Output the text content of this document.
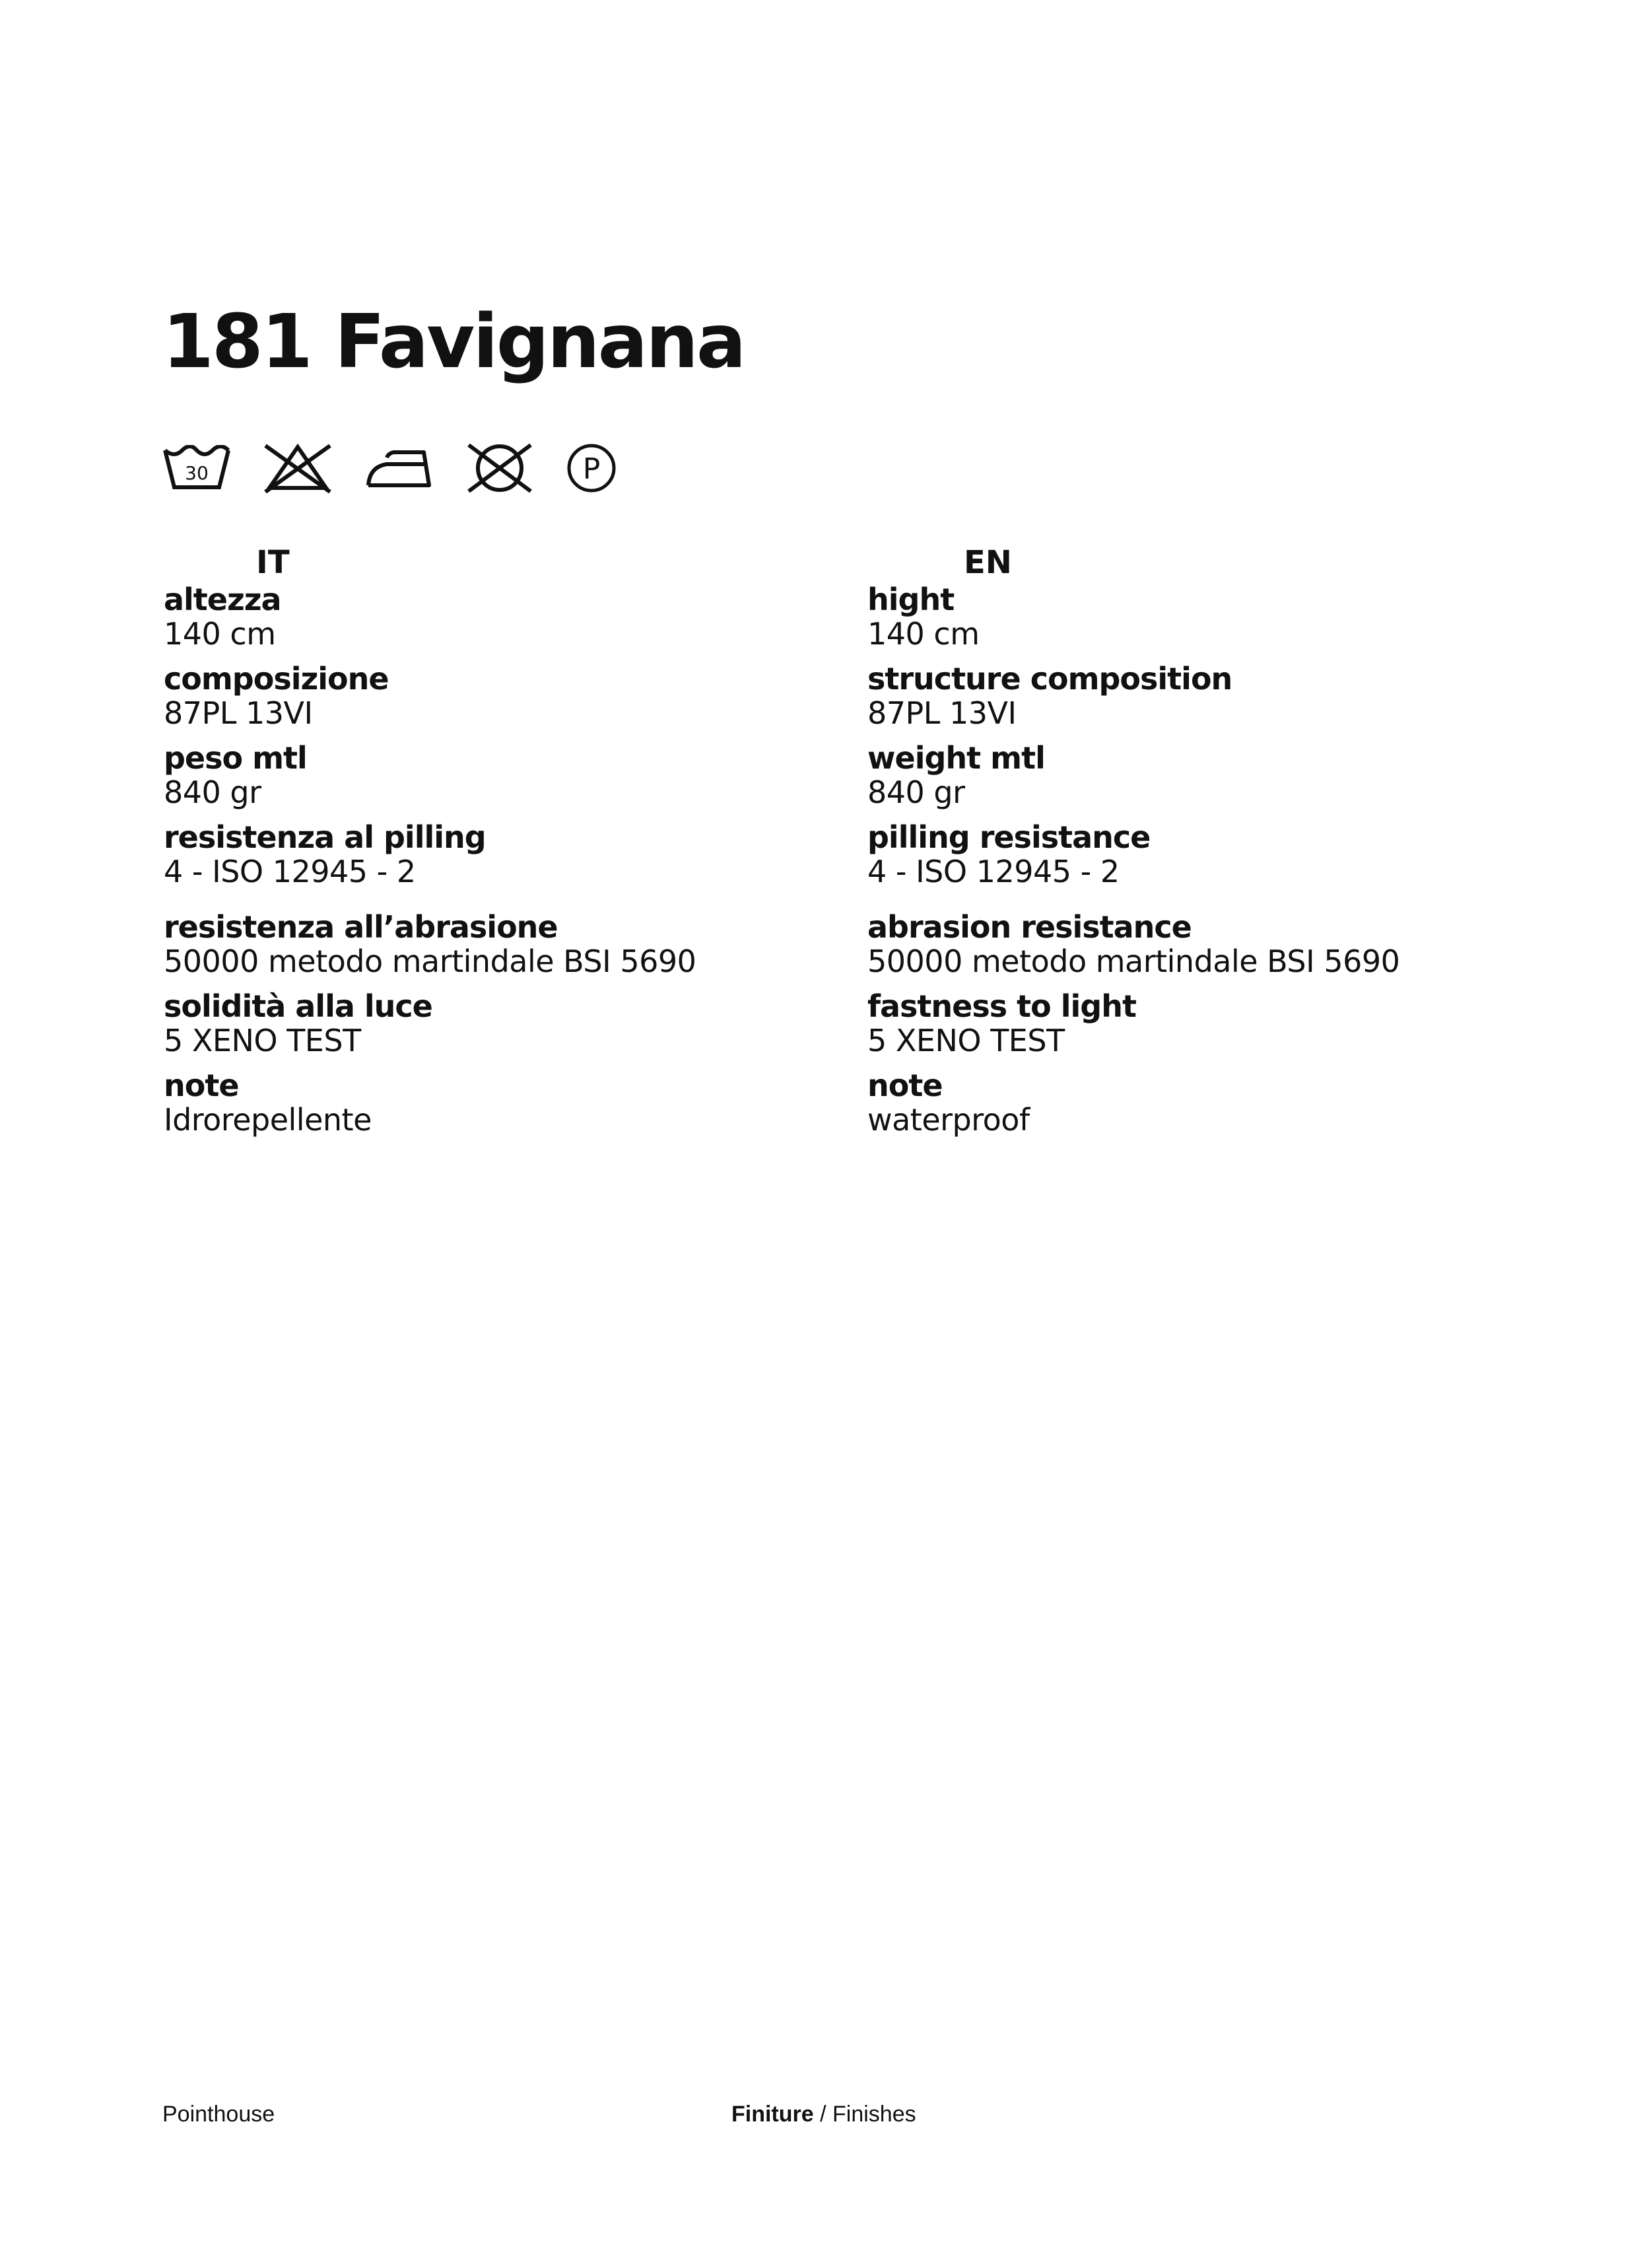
181 Favignana
30	P
IT
altezza
140 cm
composizione
87PL 13VI
peso mtl
840 gr
resistenza al pilling
4 - ISO 12945 - 2
resistenza all’abrasione
50000 metodo martindale BSI 5690
solidità alla luce
5 XENO TEST
note
Idrorepellente
EN
hight
140 cm
structure composition
87PL 13VI
weight mtl
840 gr
pilling resistance
4 - ISO 12945 - 2
abrasion resistance
50000 metodo martindale BSI 5690
fastness to light
5 XENO TEST
note
waterproof
Pointhouse	Finiture / Finishes
